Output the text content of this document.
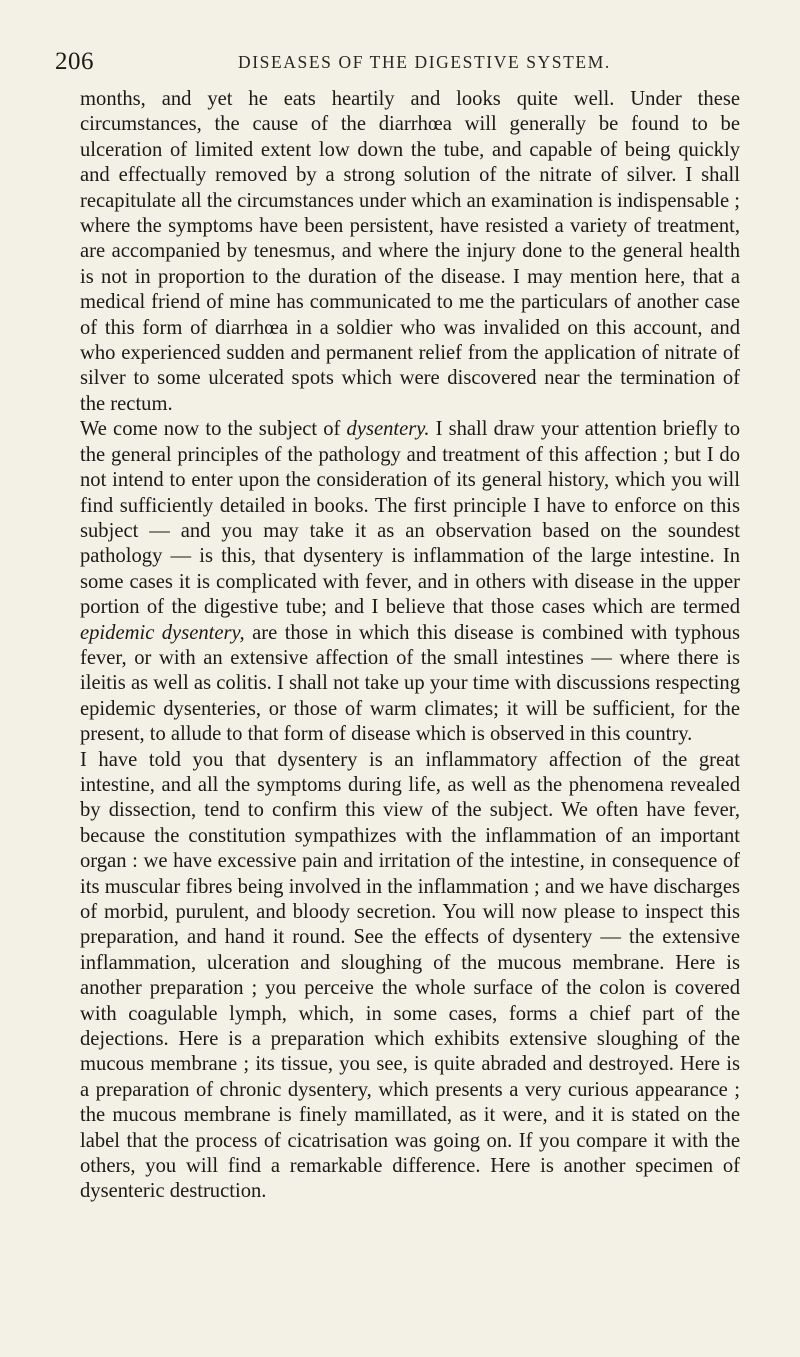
206	DISEASES OF THE DIGESTIVE SYSTEM.

months, and yet he eats heartily and looks quite well. Under these circumstances, the cause of the diarrhœa will generally be found to be ulceration of limited extent low down the tube, and capable of being quickly and effectually removed by a strong solution of the nitrate of silver. I shall recapitulate all the circumstances under which an examination is indispensable ; where the symptoms have been persistent, have resisted a variety of treatment, are accompanied by tenesmus, and where the injury done to the general health is not in proportion to the duration of the disease. I may mention here, that a medical friend of mine has communicated to me the particulars of another case of this form of diarrhœa in a soldier who was invalided on this account, and who experienced sudden and permanent relief from the application of nitrate of silver to some ulcerated spots which were discovered near the termination of the rectum.

We come now to the subject of dysentery. I shall draw your attention briefly to the general principles of the pathology and treatment of this affection ; but I do not intend to enter upon the consideration of its general history, which you will find sufficiently detailed in books. The first principle I have to enforce on this subject — and you may take it as an observation based on the soundest pathology — is this, that dysentery is inflammation of the large intestine. In some cases it is complicated with fever, and in others with disease in the upper portion of the digestive tube; and I believe that those cases which are termed epidemic dysentery, are those in which this disease is combined with typhous fever, or with an extensive affection of the small intestines — where there is ileitis as well as colitis. I shall not take up your time with discussions respecting epidemic dysenteries, or those of warm climates; it will be sufficient, for the present, to allude to that form of disease which is observed in this country.

I have told you that dysentery is an inflammatory affection of the great intestine, and all the symptoms during life, as well as the phenomena revealed by dissection, tend to confirm this view of the subject. We often have fever, because the constitution sympathizes with the inflammation of an important organ : we have excessive pain and irritation of the intestine, in consequence of its muscular fibres being involved in the inflammation ; and we have discharges of morbid, purulent, and bloody secretion. You will now please to inspect this preparation, and hand it round. See the effects of dysentery — the extensive inflammation, ulceration and sloughing of the mucous membrane. Here is another preparation ; you perceive the whole surface of the colon is covered with coagulable lymph, which, in some cases, forms a chief part of the dejections. Here is a preparation which exhibits extensive sloughing of the mucous membrane ; its tissue, you see, is quite abraded and destroyed. Here is a preparation of chronic dysentery, which presents a very curious appearance ; the mucous membrane is finely mamillated, as it were, and it is stated on the label that the process of cicatrisation was going on. If you compare it with the others, you will find a remarkable difference. Here is another specimen of dysenteric destruction.
